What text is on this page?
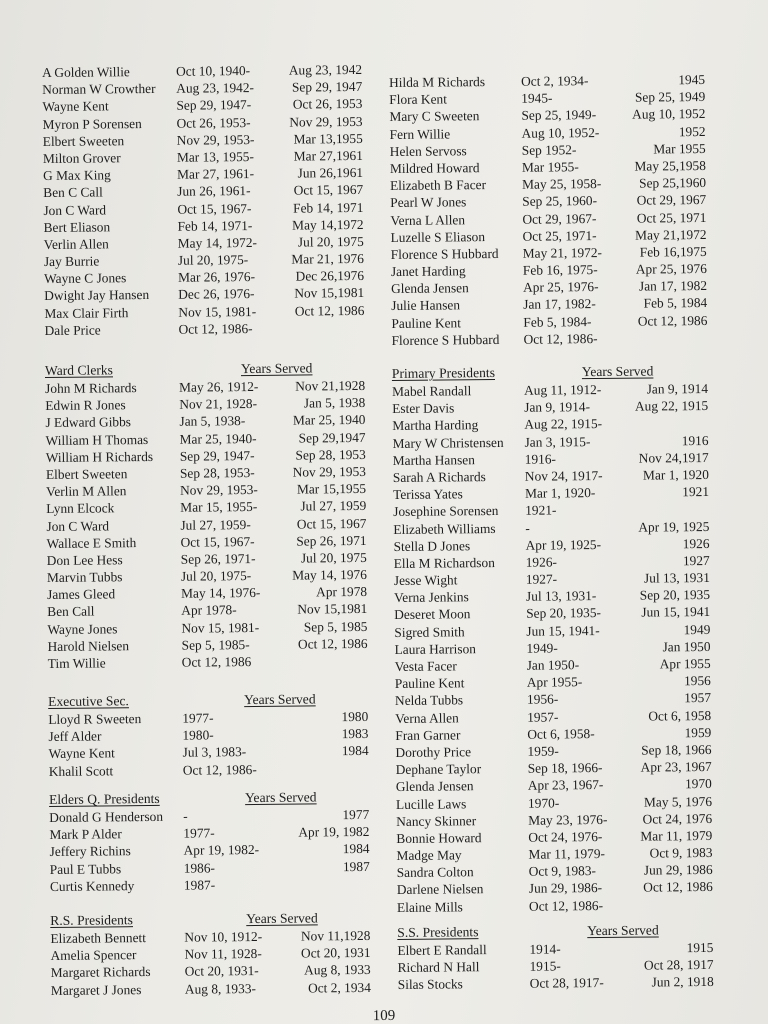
A Golden Willie	Oct 10, 1940-	Aug 23, 1942
Norman W Crowther Aug 23, 1942-	Sep 29, 1947
Wayne Kent	Sep 29, 1947-	Oct 26, 1953
Myron P Sorensen	Oct 26, 1953-	Nov 29, 1953
Elbert Sweeten	Nov 29, 1953-	Mar 13,1955
Milton Grover	Mar 13, 1955-	Mar 27,1961
G Max King	Mar 27, 1961-	Jun 26,1961
Ben C Call	Jun 26, 1961-	Oct 15, 1967
Jon C Ward	Oct 15, 1967-	Feb 14, 1971
Bert Eliason	Feb 14, 1971-	May 14,1972
Verlin Allen	May 14, 1972-	Jul 20, 1975
Jay Burrie	Jul 20, 1975-	Mar 21, 1976
Wayne C Jones	Mar 26, 1976-	Dec 26,1976
Dwight Jay Hansen Dec 26, 1976-	Nov 15,1981
Max Clair Firth	Nov 15, 1981-	Oct 12, 1986
Dale Price	Oct 12, 1986-
Ward Clerks	Years Served
John M Richards	May 26, 1912-	Nov 21,1928
Edwin R Jones	Nov 21, 1928-	Jan 5, 1938
J Edward Gibbs	Jan 5, 1938-	Mar 25, 1940
William H Thomas Mar 25, 1940-	Sep 29,1947
William H Richards Sep 29, 1947-	Sep 28, 1953
Elbert Sweeten	Sep 28, 1953-	Nov 29, 1953
Verlin M Allen	Nov 29, 1953-	Mar 15,1955
Lynn Elcock	Mar 15, 1955-	Jul 27, 1959
Jon C Ward	Jul 27, 1959-	Oct 15, 1967
Wallace E Smith	Oct 15, 1967-	Sep 26, 1971
Don Lee Hess	Sep 26, 1971-	Jul 20, 1975
Marvin Tubbs	Jul 20, 1975-	May 14, 1976
James Gleed	May 14, 1976-	Apr 1978
Ben Call	Apr 1978-	Nov 15,1981
Wayne Jones	Nov 15, 1981-	Sep 5, 1985
Harold Nielsen	Sep 5, 1985-	Oct 12, 1986
Tim Willie	Oct 12, 1986
Executive Sec.	Years Served
Lloyd R Sweeten	1977-	1980
Jeff Alder	1980-	1983
Wayne Kent	Jul 3, 1983-	1984
Khalil Scott	Oct 12, 1986-
Elders Q. Presidents	Years Served
Donald G Henderson -	1977
Mark P Alder	1977-	Apr 19, 1982
Jeffery Richins	Apr 19, 1982-	1984
Paul E Tubbs	1986-	1987
Curtis Kennedy	1987-
R.S. Presidents	Years Served
Elizabeth Bennett	Nov 10, 1912-	Nov 11,1928
Amelia Spencer	Nov 11, 1928-	Oct 20, 1931
Margaret Richards	Oct 20, 1931-	Aug 8, 1933
Margaret J Jones	Aug 8, 1933-	Oct 2, 1934
Hilda M Richards	Oct 2, 1934-	1945
Flora Kent	1945-	Sep 25, 1949
Mary C Sweeten	Sep 25, 1949-	Aug 10, 1952
Fern Willie	Aug 10, 1952-	1952
Helen Servoss	Sep 1952-	Mar 1955
Mildred Howard	Mar 1955-	May 25,1958
Elizabeth B Facer	May 25, 1958-	Sep 25,1960
Pearl W Jones	Sep 25, 1960-	Oct 29, 1967
Verna L Allen	Oct 29, 1967-	Oct 25, 1971
Luzelle S Eliason	Oct 25, 1971-	May 21,1972
Florence S Hubbard May 21, 1972-	Feb 16,1975
Janet Harding	Feb 16, 1975-	Apr 25, 1976
Glenda Jensen	Apr 25, 1976-	Jan 17, 1982
Julie Hansen	Jan 17, 1982-	Feb 5, 1984
Pauline Kent	Feb 5, 1984-	Oct 12, 1986
Florence S Hubbard Oct 12, 1986-
Primary Presidents	Years Served
Mabel Randall	Aug 11, 1912-	Jan 9, 1914
Ester Davis	Jan 9, 1914-	Aug 22, 1915
Martha Harding	Aug 22, 1915-
Mary W Christensen Jan 3, 1915-	1916
Martha Hansen	1916-	Nov 24,1917
Sarah A Richards	Nov 24, 1917-	Mar 1, 1920
Terissa Yates	Mar 1, 1920-	1921
Josephine Sorensen 1921-
Elizabeth Williams -	Apr 19, 1925
Stella D Jones	Apr 19, 1925-	1926
Ella M Richardson 1926-	1927
Jesse Wight	1927-	Jul 13, 1931
Verna Jenkins	Jul 13, 1931-	Sep 20, 1935
Deseret Moon	Sep 20, 1935-	Jun 15, 1941
Sigred Smith	Jun 15, 1941-	1949
Laura Harrison	1949-	Jan 1950
Vesta Facer	Jan 1950-	Apr 1955
Pauline Kent	Apr 1955-	1956
Nelda Tubbs	1956-	1957
Verna Allen	1957-	Oct 6, 1958
Fran Garner	Oct 6, 1958-	1959
Dorothy Price	1959-	Sep 18, 1966
Dephane Taylor	Sep 18, 1966-	Apr 23, 1967
Glenda Jensen	Apr 23, 1967-	1970
Lucille Laws	1970-	May 5, 1976
Nancy Skinner	May 23, 1976-	Oct 24, 1976
Bonnie Howard	Oct 24, 1976-	Mar 11, 1979
Madge May	Mar 11, 1979-	Oct 9, 1983
Sandra Colton	Oct 9, 1983-	Jun 29, 1986
Darlene Nielsen	Jun 29, 1986-	Oct 12, 1986
Elaine Mills	Oct 12, 1986-
S.S. Presidents	Years Served
Elbert E Randall	1914-	1915
Richard N Hall	1915-	Oct 28, 1917
Silas Stocks	Oct 28, 1917-	Jun 2, 1918
109
